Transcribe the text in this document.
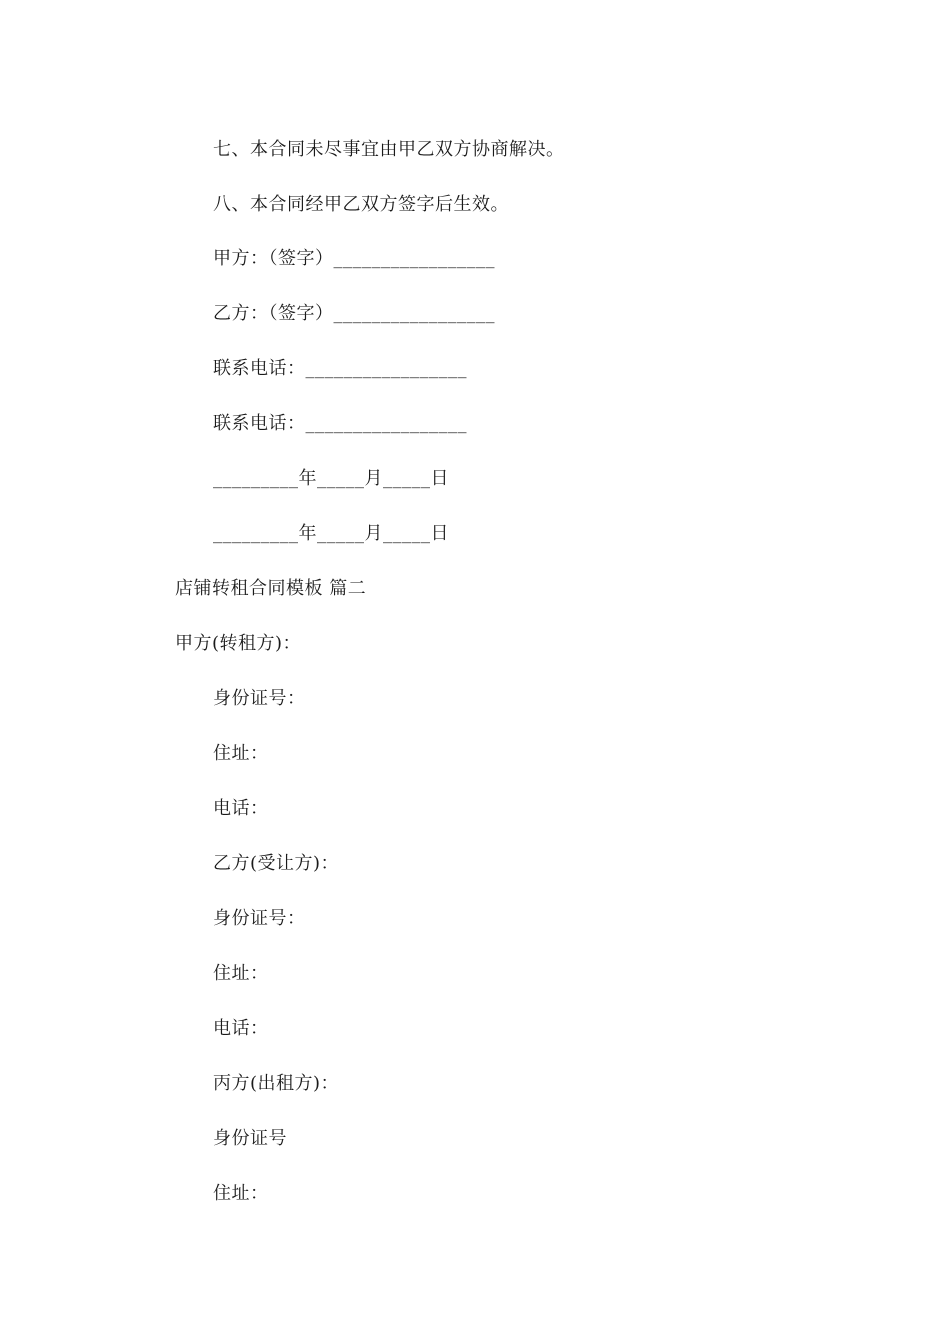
七、本合同未尽事宜由甲乙双方协商解决。
八、本合同经甲乙双方签字后生效。
甲方：（签字）_________________
乙方：（签字）_________________
联系电话：_________________
联系电话：_________________
_________年_____月_____日
_________年_____月_____日
店铺转租合同模板 篇二
甲方(转租方)：
身份证号：
住址：
电话：
乙方(受让方)：
身份证号：
住址：
电话：
丙方(出租方)：
身份证号
住址：
